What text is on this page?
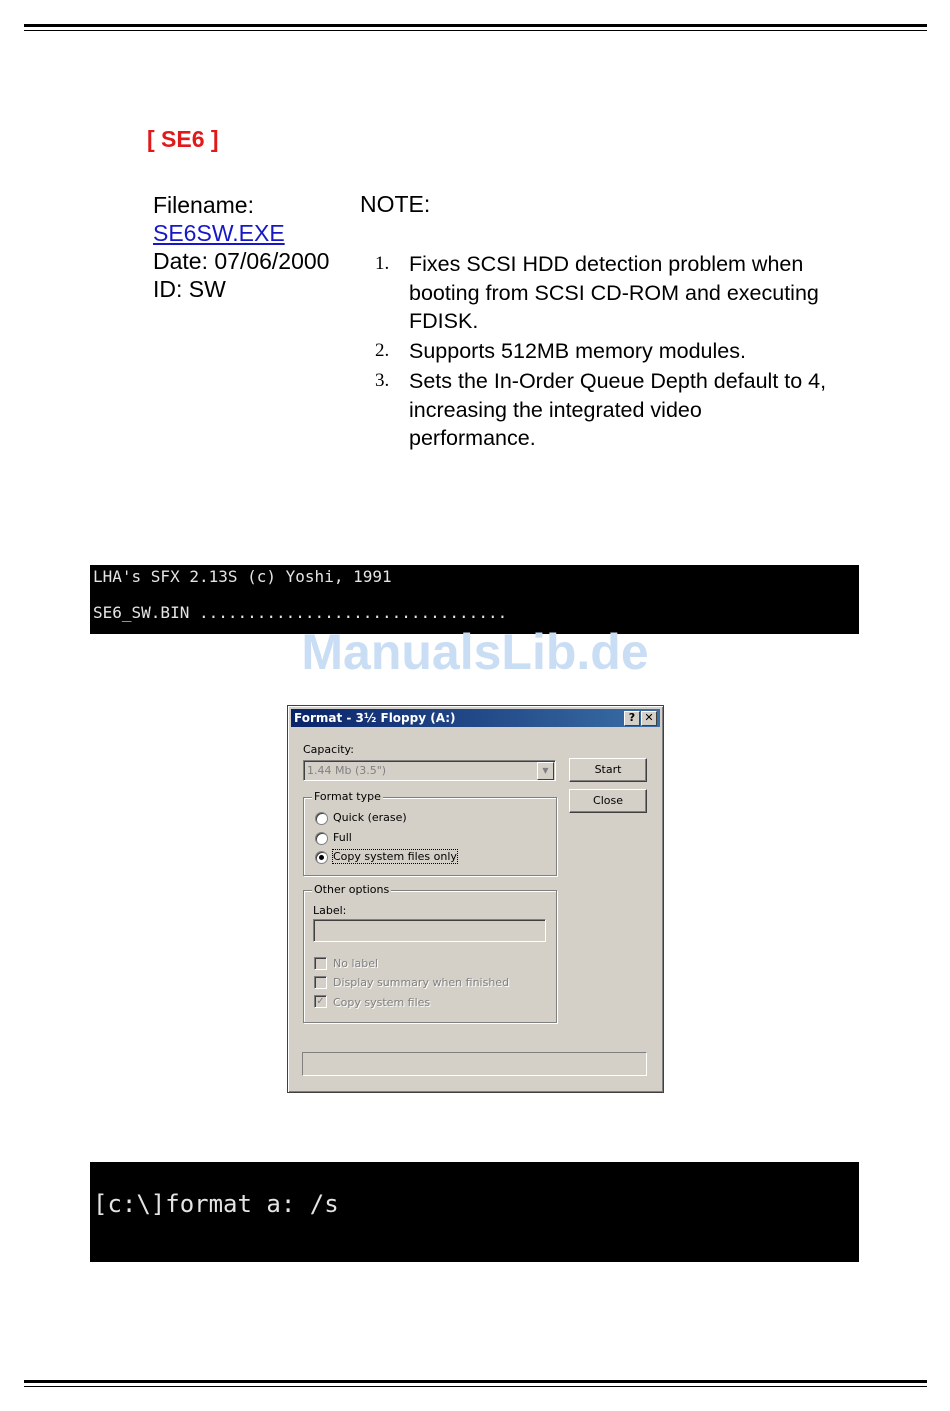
[ SE6 ]
Filename:
SE6SW.EXE
Date: 07/06/2000
ID: SW
NOTE:
1. Fixes SCSI HDD detection problem when booting from SCSI CD-ROM and executing FDISK.
2. Supports 512MB memory modules.
3. Sets the In-Order Queue Depth default to 4, increasing the integrated video performance.

LHA's SFX 2.13S (c) Yoshi, 1991

SE6_SW.BIN ................................

ManualsLib.de
Format - 3½ Floppy (A:)	? ✕
Capacity:
1.44 Mb (3.5")	▼	Start
Close
Format type
Quick (erase)
Full
Copy system files only
Other options
Label:
No label
Display summary when finished
✓ Copy system files

[c:\]format a: /s
